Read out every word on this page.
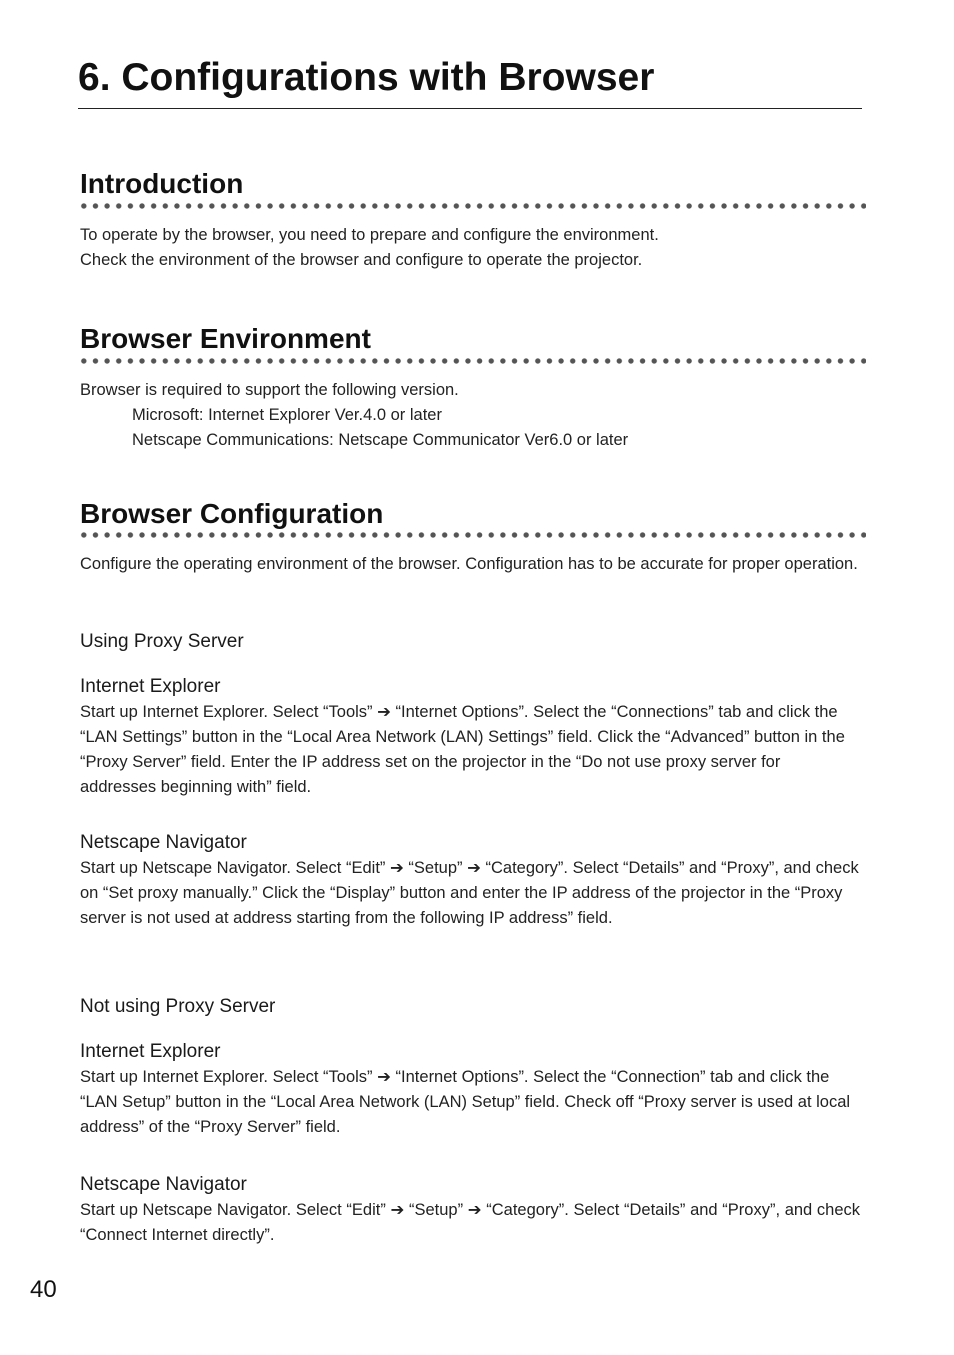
6. Configurations with Browser
Introduction
To operate by the browser, you need to prepare and configure the environment.
Check the environment of the browser and configure to operate the projector.
Browser Environment
Browser is required to support the following version.
Microsoft: Internet Explorer Ver.4.0 or later
Netscape Communications: Netscape Communicator Ver6.0 or later
Browser Configuration
Configure the operating environment of the browser. Configuration has to be accurate for proper operation.
Using Proxy Server
Internet Explorer
Start up Internet Explorer. Select “Tools” ➔ “Internet Options”. Select the “Connections” tab and click the “LAN Settings” button in the “Local Area Network (LAN) Settings” field. Click the “Advanced” button in the “Proxy Server” field. Enter the IP address set on the projector in the “Do not use proxy server for addresses beginning with” field.
Netscape Navigator
Start up Netscape Navigator. Select “Edit” ➔ “Setup” ➔ “Category”. Select “Details” and “Proxy”, and check on “Set proxy manually.” Click the “Display” button and enter the IP address of the projector in the “Proxy server is not used at address starting from the following IP address” field.
Not using Proxy Server
Internet Explorer
Start up Internet Explorer. Select “Tools” ➔ “Internet Options”. Select the “Connection” tab and click the “LAN Setup” button in the “Local Area Network (LAN) Setup” field. Check off “Proxy server is used at local address” of the “Proxy Server” field.
Netscape Navigator
Start up Netscape Navigator. Select “Edit” ➔ “Setup” ➔ “Category”. Select “Details” and “Proxy”, and check “Connect Internet directly”.
40
